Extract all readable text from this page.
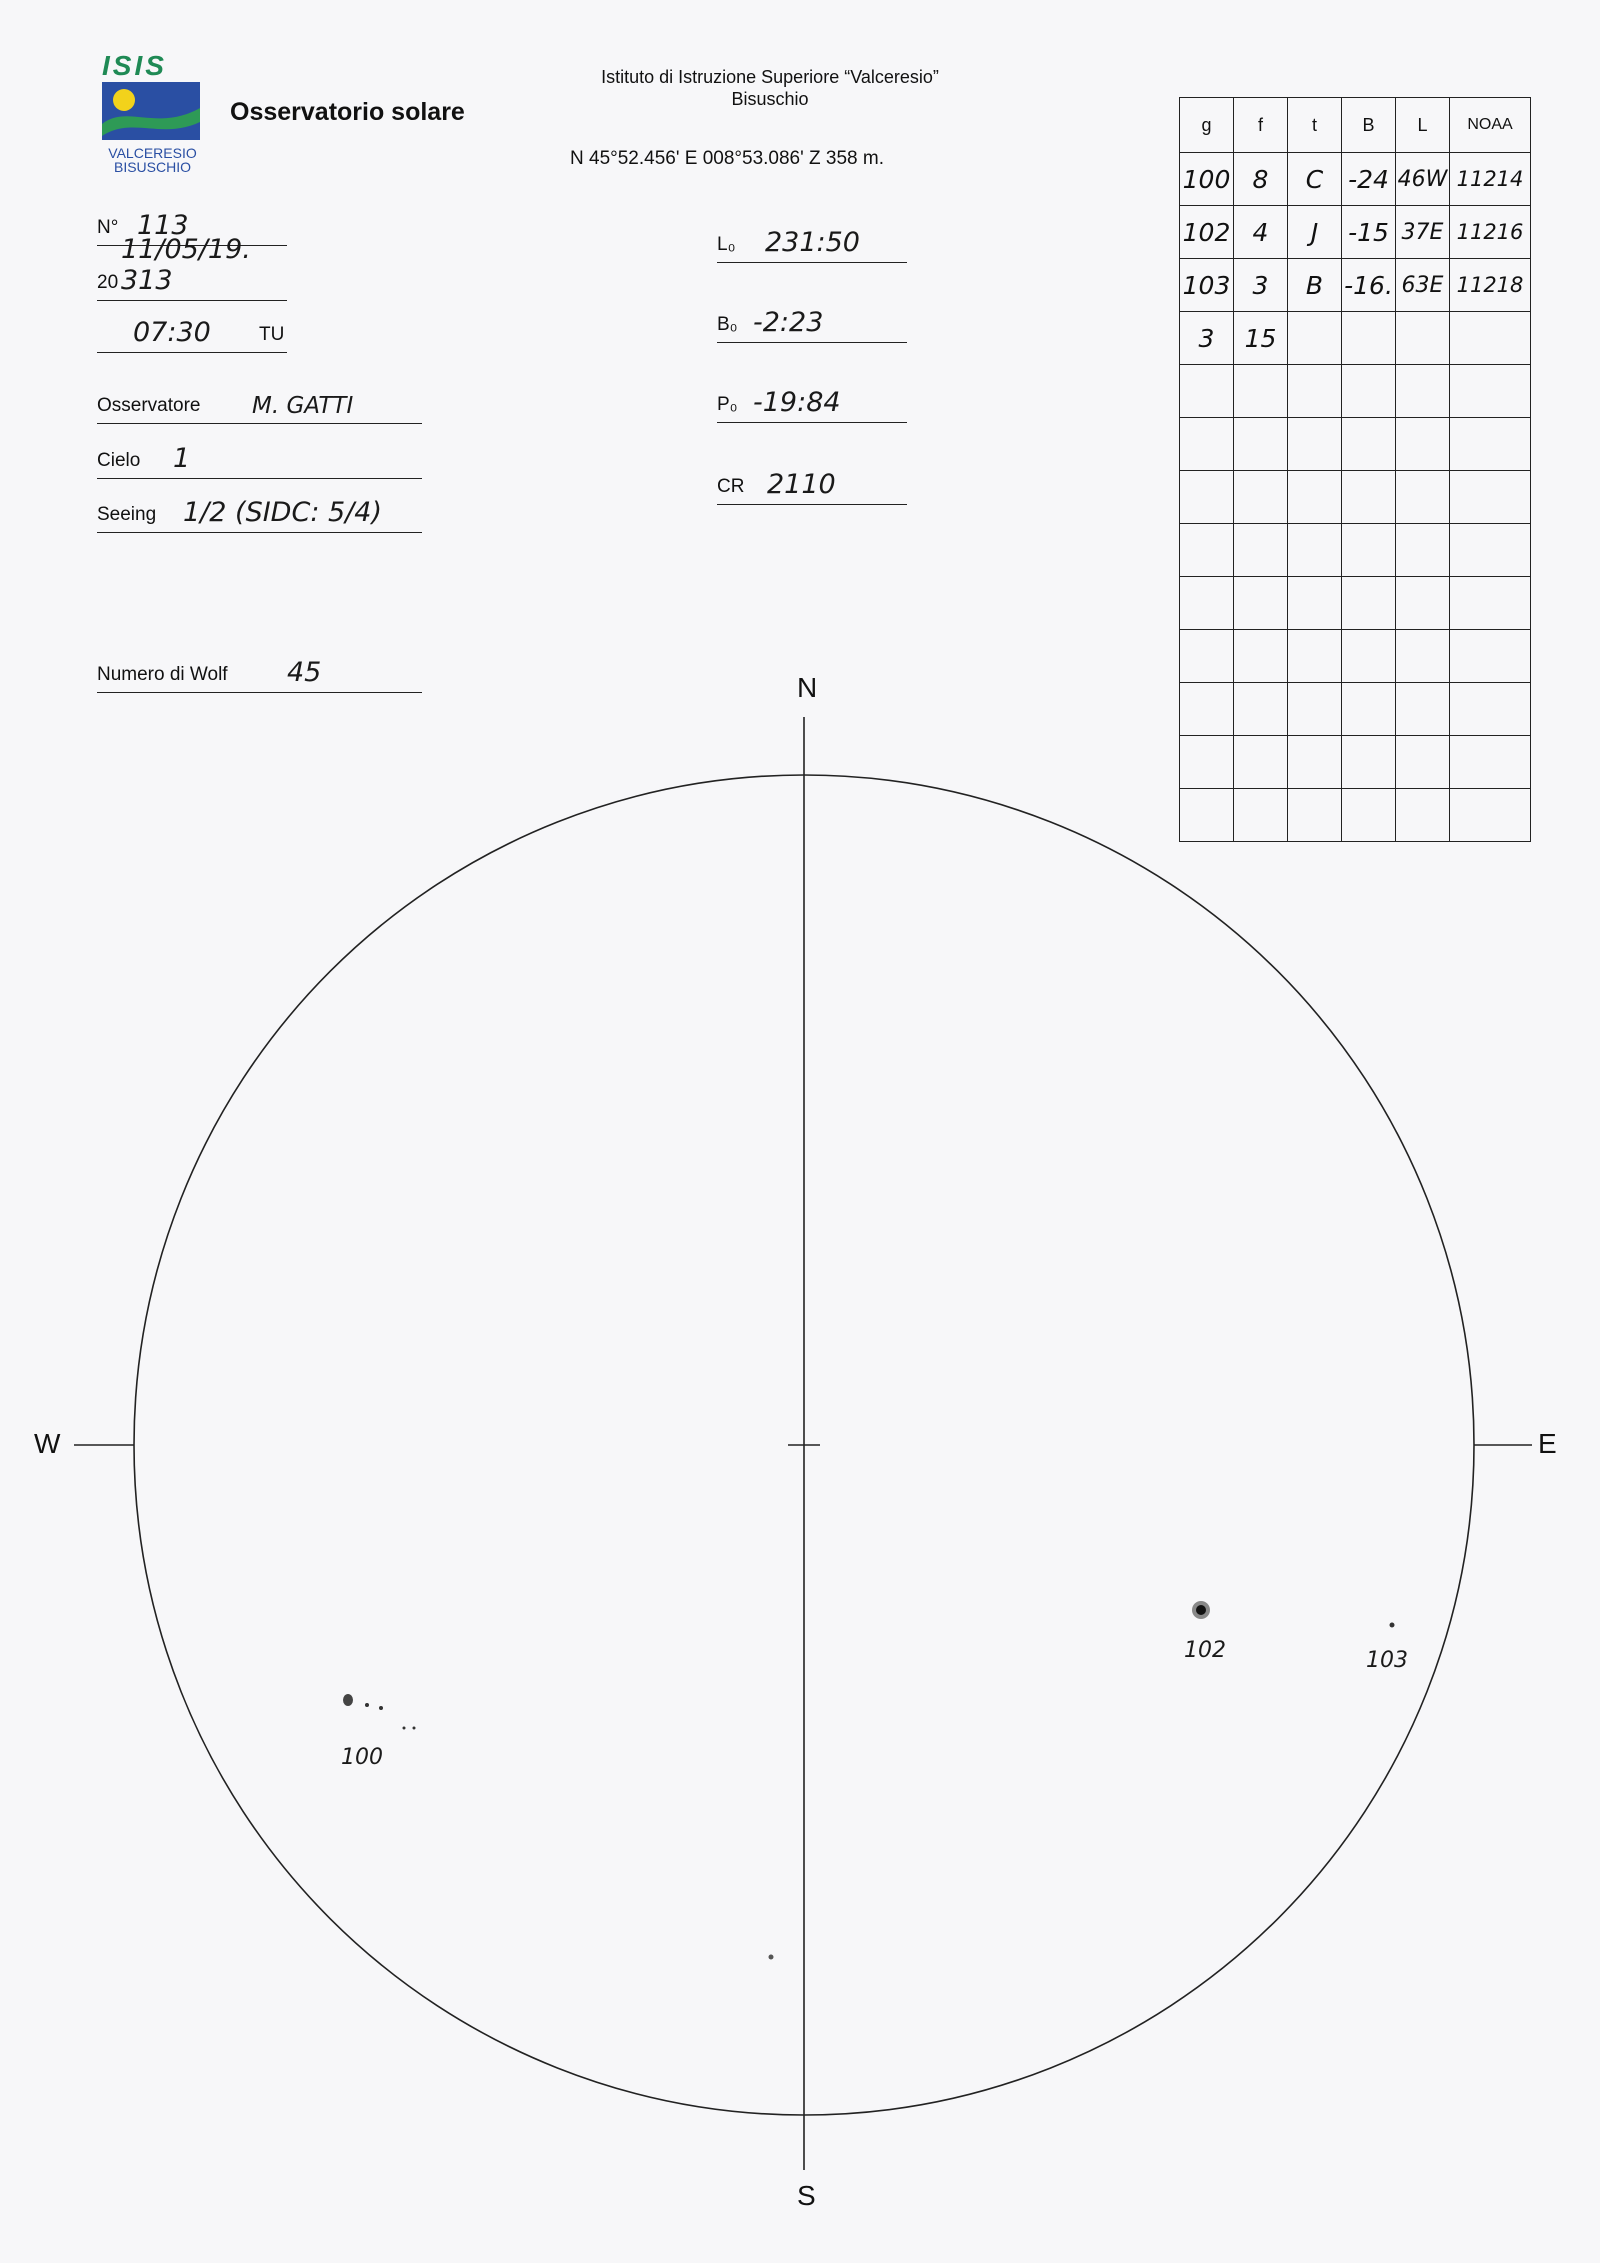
ISIS
VALCERESIO
BISUSCHIO
Osservatorio solare
Istituto di Istruzione Superiore “Valceresio”
Bisuschio
N 45°52.456' E 008°53.086' Z 358 m.
N° 113
20
11/05/19. 313
07:30	TU
Osservatore M. GATTI
Cielo 1
Seeing 1/2 (SIDC: 5/4)
Numero di Wolf 45
L₀ 231:50
B₀ -2:23
P₀ -19:84
CR 2110
g	f	t	B	L	NOAA
100	8	C	-24	46W	11214
102	4	J	-15	37E	11216
103	3	B	-16.	63E	11218
3	15				

N
S
W	E
100
102	103
